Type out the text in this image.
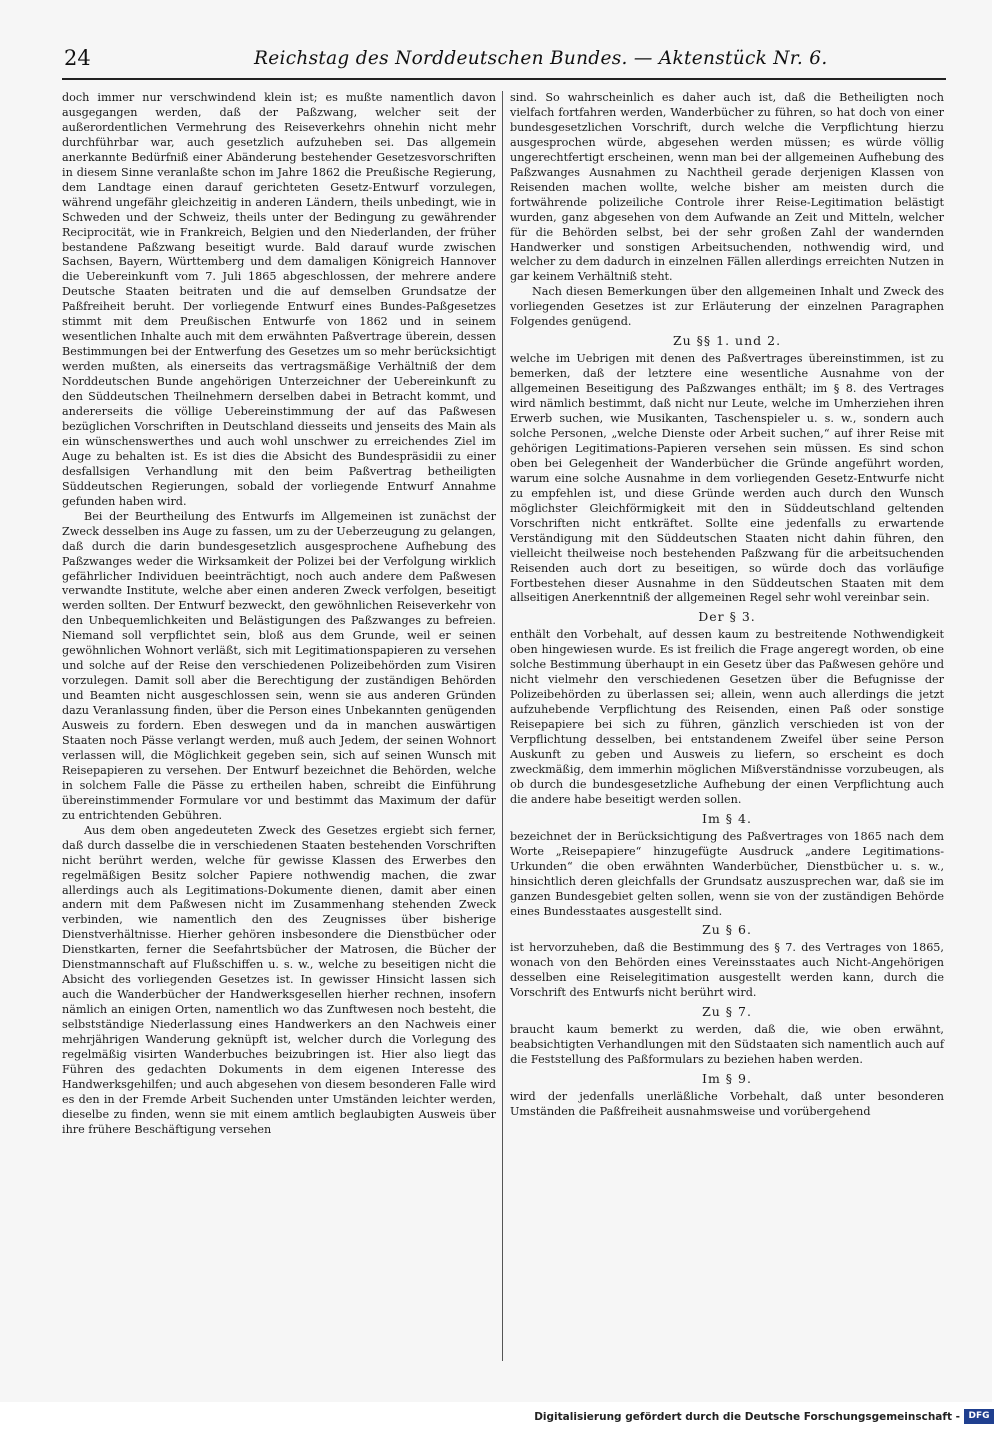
24	Reichstag des Norddeutschen Bundes. — Aktenstück Nr. 6.

doch immer nur verschwindend klein ist; es mußte namentlich davon ausgegangen werden, daß der Paßzwang, welcher seit der außerordentlichen Vermehrung des Reiseverkehrs ohnehin nicht mehr durchführbar war, auch gesetzlich aufzuheben sei. Das allgemein anerkannte Bedürfniß einer Abänderung bestehender Gesetzesvorschriften in diesem Sinne veranlaßte schon im Jahre 1862 die Preußische Regierung, dem Landtage einen darauf gerichteten Gesetz-Entwurf vorzulegen, während ungefähr gleichzeitig in anderen Ländern, theils unbedingt, wie in Schweden und der Schweiz, theils unter der Bedingung zu gewährender Reciprocität, wie in Frankreich, Belgien und den Niederlanden, der früher bestandene Paßzwang beseitigt wurde. Bald darauf wurde zwischen Sachsen, Bayern, Württemberg und dem damaligen Königreich Hannover die Uebereinkunft vom 7. Juli 1865 abgeschlossen, der mehrere andere Deutsche Staaten beitraten und die auf demselben Grundsatze der Paßfreiheit beruht. Der vorliegende Entwurf eines Bundes-Paßgesetzes stimmt mit dem Preußischen Entwurfe von 1862 und in seinem wesentlichen Inhalte auch mit dem erwähnten Paßvertrage überein, dessen Bestimmungen bei der Entwerfung des Gesetzes um so mehr berücksichtigt werden mußten, als einerseits das vertragsmäßige Verhältniß der dem Norddeutschen Bunde angehörigen Unterzeichner der Uebereinkunft zu den Süddeutschen Theilnehmern derselben dabei in Betracht kommt, und andererseits die völlige Uebereinstimmung der auf das Paßwesen bezüglichen Vorschriften in Deutschland diesseits und jenseits des Main als ein wünschenswerthes und auch wohl unschwer zu erreichendes Ziel im Auge zu behalten ist. Es ist dies die Absicht des Bundespräsidii zu einer desfallsigen Verhandlung mit den beim Paßvertrag betheiligten Süddeutschen Regierungen, sobald der vorliegende Entwurf Annahme gefunden haben wird.

Bei der Beurtheilung des Entwurfs im Allgemeinen ist zunächst der Zweck desselben ins Auge zu fassen, um zu der Ueberzeugung zu gelangen, daß durch die darin bundesgesetzlich ausgesprochene Aufhebung des Paßzwanges weder die Wirksamkeit der Polizei bei der Verfolgung wirklich gefährlicher Individuen beeinträchtigt, noch auch andere dem Paßwesen verwandte Institute, welche aber einen anderen Zweck verfolgen, beseitigt werden sollten. Der Entwurf bezweckt, den gewöhnlichen Reiseverkehr von den Unbequemlichkeiten und Belästigungen des Paßzwanges zu befreien. Niemand soll verpflichtet sein, bloß aus dem Grunde, weil er seinen gewöhnlichen Wohnort verläßt, sich mit Legitimationspapieren zu versehen und solche auf der Reise den verschiedenen Polizeibehörden zum Visiren vorzulegen. Damit soll aber die Berechtigung der zuständigen Behörden und Beamten nicht ausgeschlossen sein, wenn sie aus anderen Gründen dazu Veranlassung finden, über die Person eines Unbekannten genügenden Ausweis zu fordern. Eben deswegen und da in manchen auswärtigen Staaten noch Pässe verlangt werden, muß auch Jedem, der seinen Wohnort verlassen will, die Möglichkeit gegeben sein, sich auf seinen Wunsch mit Reisepapieren zu versehen. Der Entwurf bezeichnet die Behörden, welche in solchem Falle die Pässe zu ertheilen haben, schreibt die Einführung übereinstimmender Formulare vor und bestimmt das Maximum der dafür zu entrichtenden Gebühren.

Aus dem oben angedeuteten Zweck des Gesetzes ergiebt sich ferner, daß durch dasselbe die in verschiedenen Staaten bestehenden Vorschriften nicht berührt werden, welche für gewisse Klassen des Erwerbes den regelmäßigen Besitz solcher Papiere nothwendig machen, die zwar allerdings auch als Legitimations-Dokumente dienen, damit aber einen andern mit dem Paßwesen nicht im Zusammenhang stehenden Zweck verbinden, wie namentlich den des Zeugnisses über bisherige Dienstverhältnisse. Hierher gehören insbesondere die Dienstbücher oder Dienstkarten, ferner die Seefahrtsbücher der Matrosen, die Bücher der Dienstmannschaft auf Flußschiffen u. s. w., welche zu beseitigen nicht die Absicht des vorliegenden Gesetzes ist. In gewisser Hinsicht lassen sich auch die Wanderbücher der Handwerksgesellen hierher rechnen, insofern nämlich an einigen Orten, namentlich wo das Zunftwesen noch besteht, die selbstständige Niederlassung eines Handwerkers an den Nachweis einer mehrjährigen Wanderung geknüpft ist, welcher durch die Vorlegung des regelmäßig visirten Wanderbuches beizubringen ist. Hier also liegt das Führen des gedachten Dokuments in dem eigenen Interesse des Handwerksgehilfen; und auch abgesehen von diesem besonderen Falle wird es den in der Fremde Arbeit Suchenden unter Umständen leichter werden, dieselbe zu finden, wenn sie mit einem amtlich beglaubigten Ausweis über ihre frühere Beschäftigung versehen

sind. So wahrscheinlich es daher auch ist, daß die Betheiligten noch vielfach fortfahren werden, Wanderbücher zu führen, so hat doch von einer bundesgesetzlichen Vorschrift, durch welche die Verpflichtung hierzu ausgesprochen würde, abgesehen werden müssen; es würde völlig ungerechtfertigt erscheinen, wenn man bei der allgemeinen Aufhebung des Paßzwanges Ausnahmen zu Nachtheil gerade derjenigen Klassen von Reisenden machen wollte, welche bisher am meisten durch die fortwährende polizeiliche Controle ihrer Reise-Legitimation belästigt wurden, ganz abgesehen von dem Aufwande an Zeit und Mitteln, welcher für die Behörden selbst, bei der sehr großen Zahl der wandernden Handwerker und sonstigen Arbeitsuchenden, nothwendig wird, und welcher zu dem dadurch in einzelnen Fällen allerdings erreichten Nutzen in gar keinem Verhältniß steht.

Nach diesen Bemerkungen über den allgemeinen Inhalt und Zweck des vorliegenden Gesetzes ist zur Erläuterung der einzelnen Paragraphen Folgendes genügend.

Zu §§ 1. und 2.

welche im Uebrigen mit denen des Paßvertrages übereinstimmen, ist zu bemerken, daß der letztere eine wesentliche Ausnahme von der allgemeinen Beseitigung des Paßzwanges enthält; im § 8. des Vertrages wird nämlich bestimmt, daß nicht nur Leute, welche im Umherziehen ihren Erwerb suchen, wie Musikanten, Taschenspieler u. s. w., sondern auch solche Personen, „welche Dienste oder Arbeit suchen,“ auf ihrer Reise mit gehörigen Legitimations-Papieren versehen sein müssen. Es sind schon oben bei Gelegenheit der Wanderbücher die Gründe angeführt worden, warum eine solche Ausnahme in dem vorliegenden Gesetz-Entwurfe nicht zu empfehlen ist, und diese Gründe werden auch durch den Wunsch möglichster Gleichförmigkeit mit den in Süddeutschland geltenden Vorschriften nicht entkräftet. Sollte eine jedenfalls zu erwartende Verständigung mit den Süddeutschen Staaten nicht dahin führen, den vielleicht theilweise noch bestehenden Paßzwang für die arbeitsuchenden Reisenden auch dort zu beseitigen, so würde doch das vorläufige Fortbestehen dieser Ausnahme in den Süddeutschen Staaten mit dem allseitigen Anerkenntniß der allgemeinen Regel sehr wohl vereinbar sein.

Der § 3.

enthält den Vorbehalt, auf dessen kaum zu bestreitende Nothwendigkeit oben hingewiesen wurde. Es ist freilich die Frage angeregt worden, ob eine solche Bestimmung überhaupt in ein Gesetz über das Paßwesen gehöre und nicht vielmehr den verschiedenen Gesetzen über die Befugnisse der Polizeibehörden zu überlassen sei; allein, wenn auch allerdings die jetzt aufzuhebende Verpflichtung des Reisenden, einen Paß oder sonstige Reisepapiere bei sich zu führen, gänzlich verschieden ist von der Verpflichtung desselben, bei entstandenem Zweifel über seine Person Auskunft zu geben und Ausweis zu liefern, so erscheint es doch zweckmäßig, dem immerhin möglichen Mißverständnisse vorzubeugen, als ob durch die bundesgesetzliche Aufhebung der einen Verpflichtung auch die andere habe beseitigt werden sollen.

Im § 4.

bezeichnet der in Berücksichtigung des Paßvertrages von 1865 nach dem Worte „Reisepapiere“ hinzugefügte Ausdruck „andere Legitimations-Urkunden“ die oben erwähnten Wanderbücher, Dienstbücher u. s. w., hinsichtlich deren gleichfalls der Grundsatz auszusprechen war, daß sie im ganzen Bundesgebiet gelten sollen, wenn sie von der zuständigen Behörde eines Bundesstaates ausgestellt sind.

Zu § 6.

ist hervorzuheben, daß die Bestimmung des § 7. des Vertrages von 1865, wonach von den Behörden eines Vereinsstaates auch Nicht-Angehörigen desselben eine Reiselegitimation ausgestellt werden kann, durch die Vorschrift des Entwurfs nicht berührt wird.

Zu § 7.

braucht kaum bemerkt zu werden, daß die, wie oben erwähnt, beabsichtigten Verhandlungen mit den Südstaaten sich namentlich auch auf die Feststellung des Paßformulars zu beziehen haben werden.

Im § 9.

wird der jedenfalls unerläßliche Vorbehalt, daß unter besonderen Umständen die Paßfreiheit ausnahmsweise und vorübergehend

Digitalisierung gefördert durch die Deutsche Forschungsgemeinschaft - DFG
